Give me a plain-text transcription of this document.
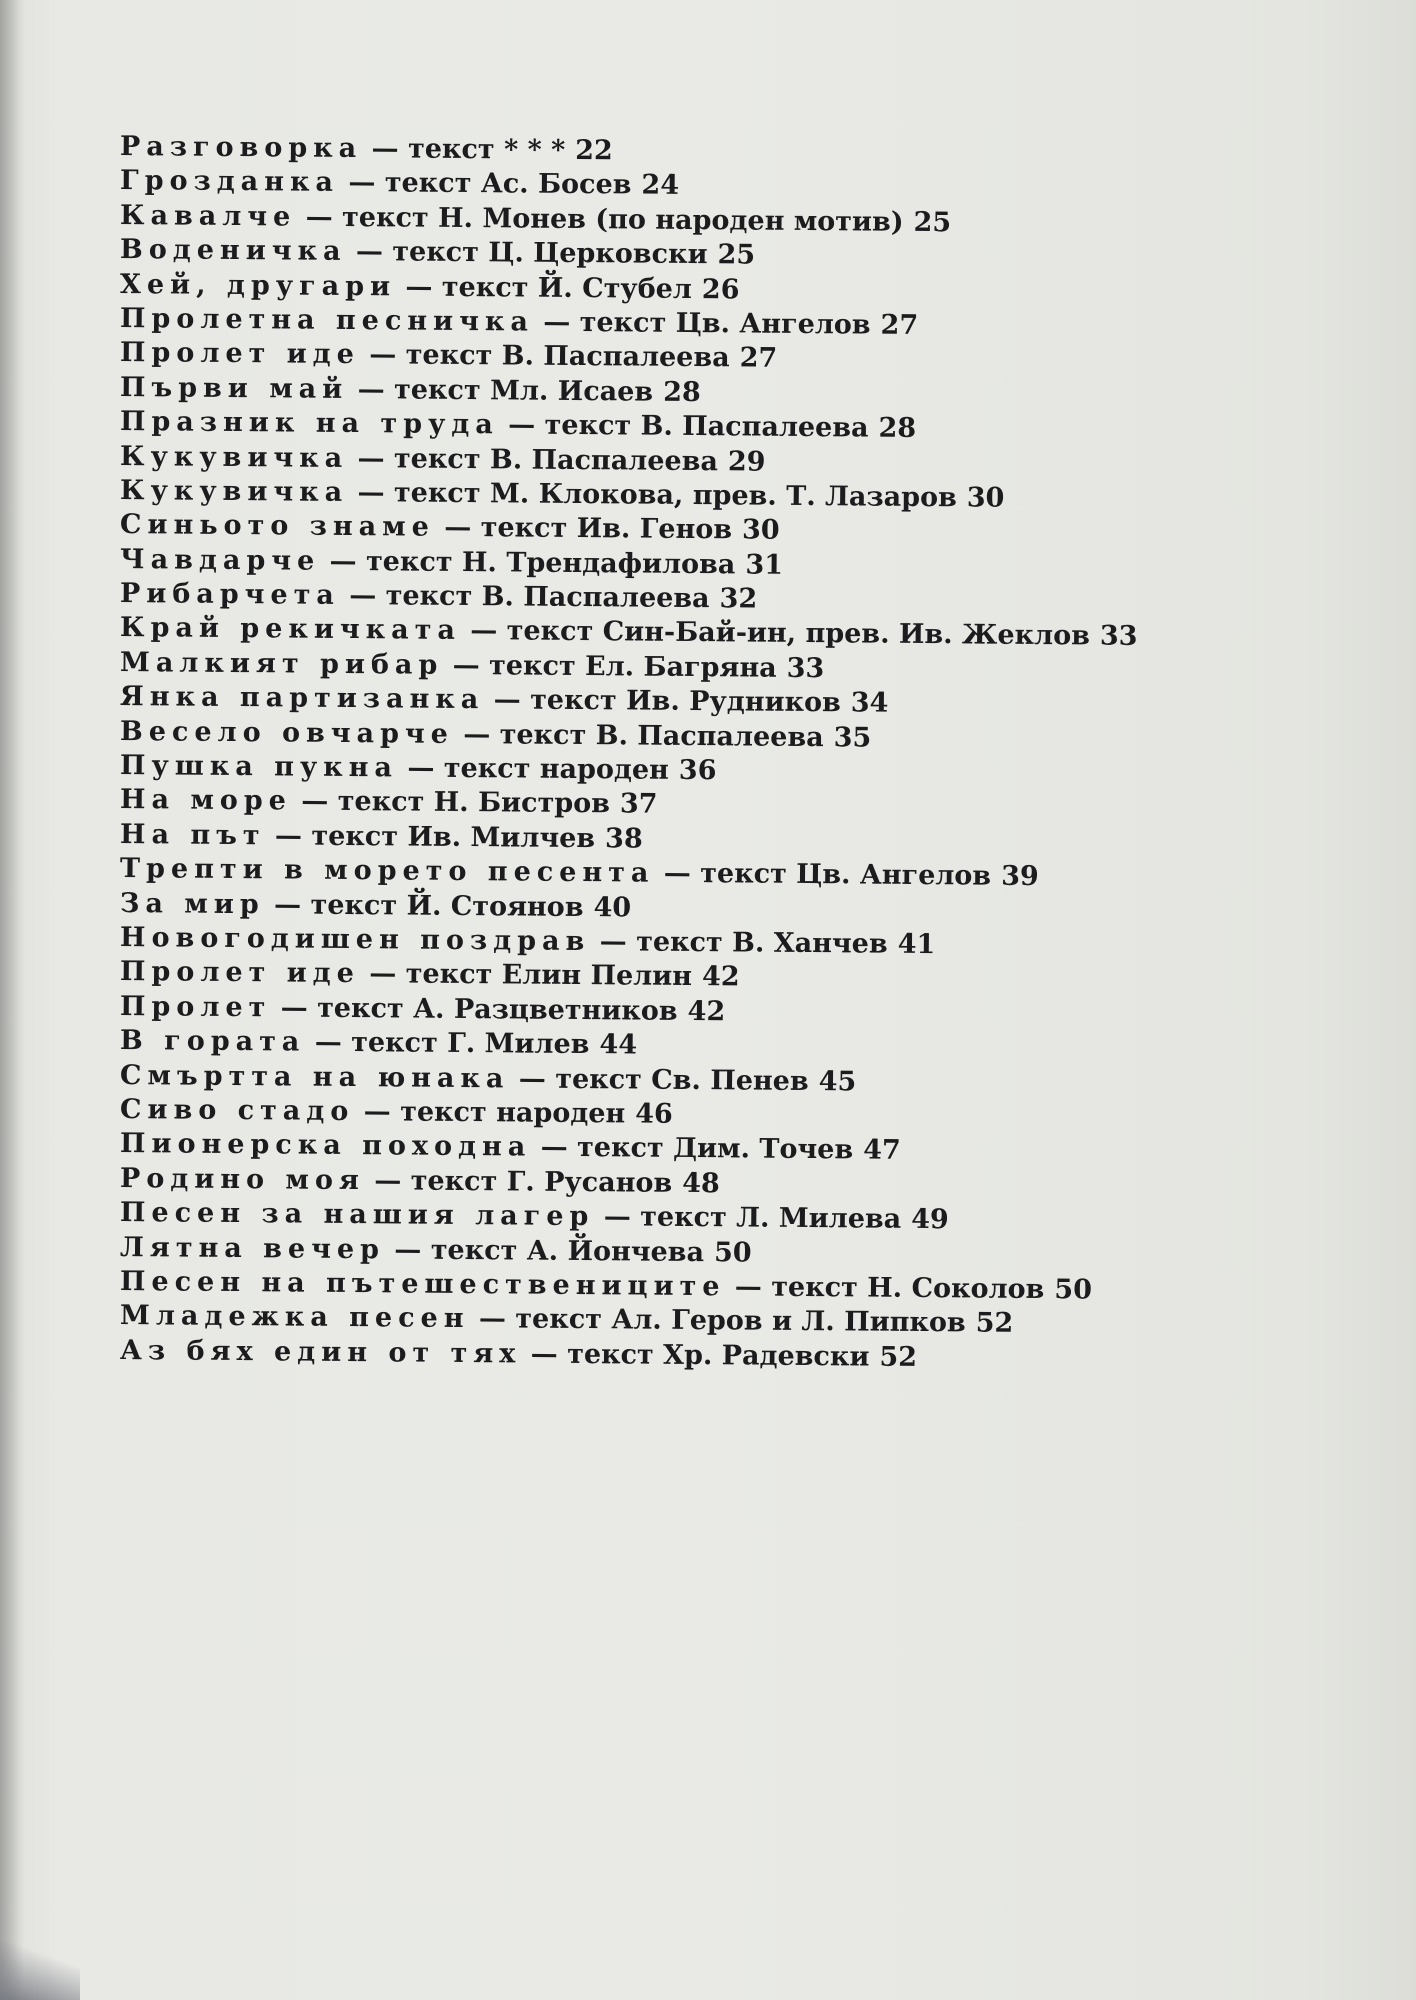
Разговорка — текст * * * 22
Грозданка — текст Ас. Босев 24
Кавалче — текст Н. Монев (по народен мотив) 25
Воденичка — текст Ц. Церковски 25
Хей, другари — текст Й. Стубел 26
Пролетна песничка — текст Цв. Ангелов 27
Пролет иде — текст В. Паспалеева 27
Първи май — текст Мл. Исаев 28
Празник на труда — текст В. Паспалеева 28
Кукувичка — текст В. Паспалеева 29
Кукувичка — текст М. Клокова, прев. Т. Лазаров 30
Синьото знаме — текст Ив. Генов 30
Чавдарче — текст Н. Трендафилова 31
Рибарчета — текст В. Паспалеева 32
Край рекичката — текст Син-Бай-ин, прев. Ив. Жеклов 33
Малкият рибар — текст Ел. Багряна 33
Янка партизанка — текст Ив. Рудников 34
Весело овчарче — текст В. Паспалеева 35
Пушка пукна — текст народен 36
На море — текст Н. Бистров 37
На път — текст Ив. Милчев 38
Трепти в морето песента — текст Цв. Ангелов 39
За мир — текст Й. Стоянов 40
Новогодишен поздрав — текст В. Ханчев 41
Пролет иде — текст Елин Пелин 42
Пролет — текст А. Разцветников 42
В гората — текст Г. Милев 44
Смъртта на юнака — текст Св. Пенев 45
Сиво стадо — текст народен 46
Пионерска походна — текст Дим. Точев 47
Родино моя — текст Г. Русанов 48
Песен за нашия лагер — текст Л. Милева 49
Лятна вечер — текст А. Йончева 50
Песен на пътешествениците — текст Н. Соколов 50
Младежка песен — текст Ал. Геров и Л. Пипков 52
Аз бях един от тях — текст Хр. Радевски 52
